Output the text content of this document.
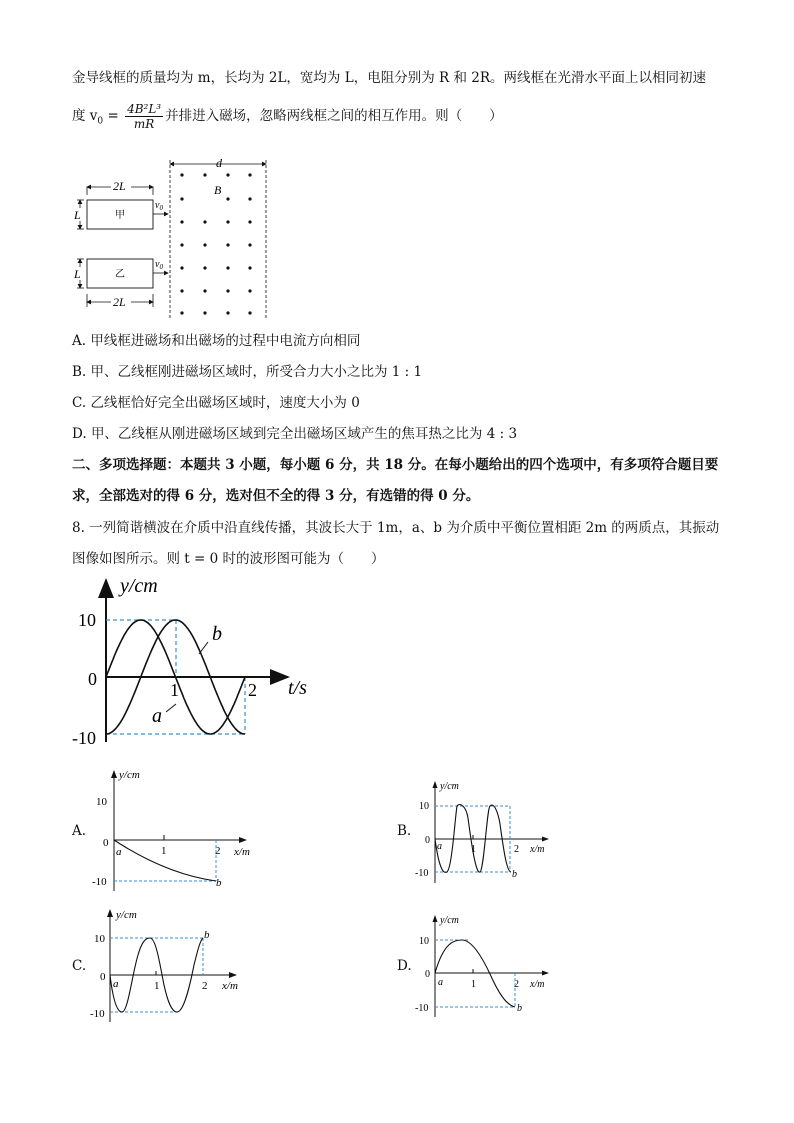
金导线框的质量均为 m，长均为 2L，宽均为 L，电阻分别为 R 和 2R。两线框在光滑水平面上以相同初速
度 $v_0 = \frac{\text{4B²L³}}{mR}$ 并排进入磁场，忽略两线框之间的相互作用。则（　　）
d
B
2L
甲
L
$v_0$
乙
L
$v_0$
2L
A. 甲线框进磁场和出磁场的过程中电流方向相同
B. 甲、乙线框刚进磁场区域时，所受合力大小之比为 1 : 1
C. 乙线框恰好完全出磁场区域时，速度大小为 0
D. 甲、乙线框从刚进磁场区域到完全出磁场区域产生的焦耳热之比为 4 : 3
二、多项选择题：本题共 3 小题，每小题 6 分，共 18 分。在每小题给出的四个选项中，有多项符合题目要
求，全部选对的得 6 分，选对但不全的得 3 分，有选错的得 0 分。
8. 一列简谐横波在介质中沿直线传播，其波长大于 1m，a、b 为介质中平衡位置相距 2m 的两质点，其振动
图像如图所示。则 t = 0 时的波形图可能为（　　）
y/cm
10
0
-10
1	2 t/s
b
a
A.
y/cm
10
0
-10
1	2 x/m
a
b
B.
y/cm
10
0
-10
1	2 x/m
a
b
C.
y/cm
10
0
-10
1	2 x/m
a
b
D.
y/cm
10
0
-10
1	2 x/m
a
b
